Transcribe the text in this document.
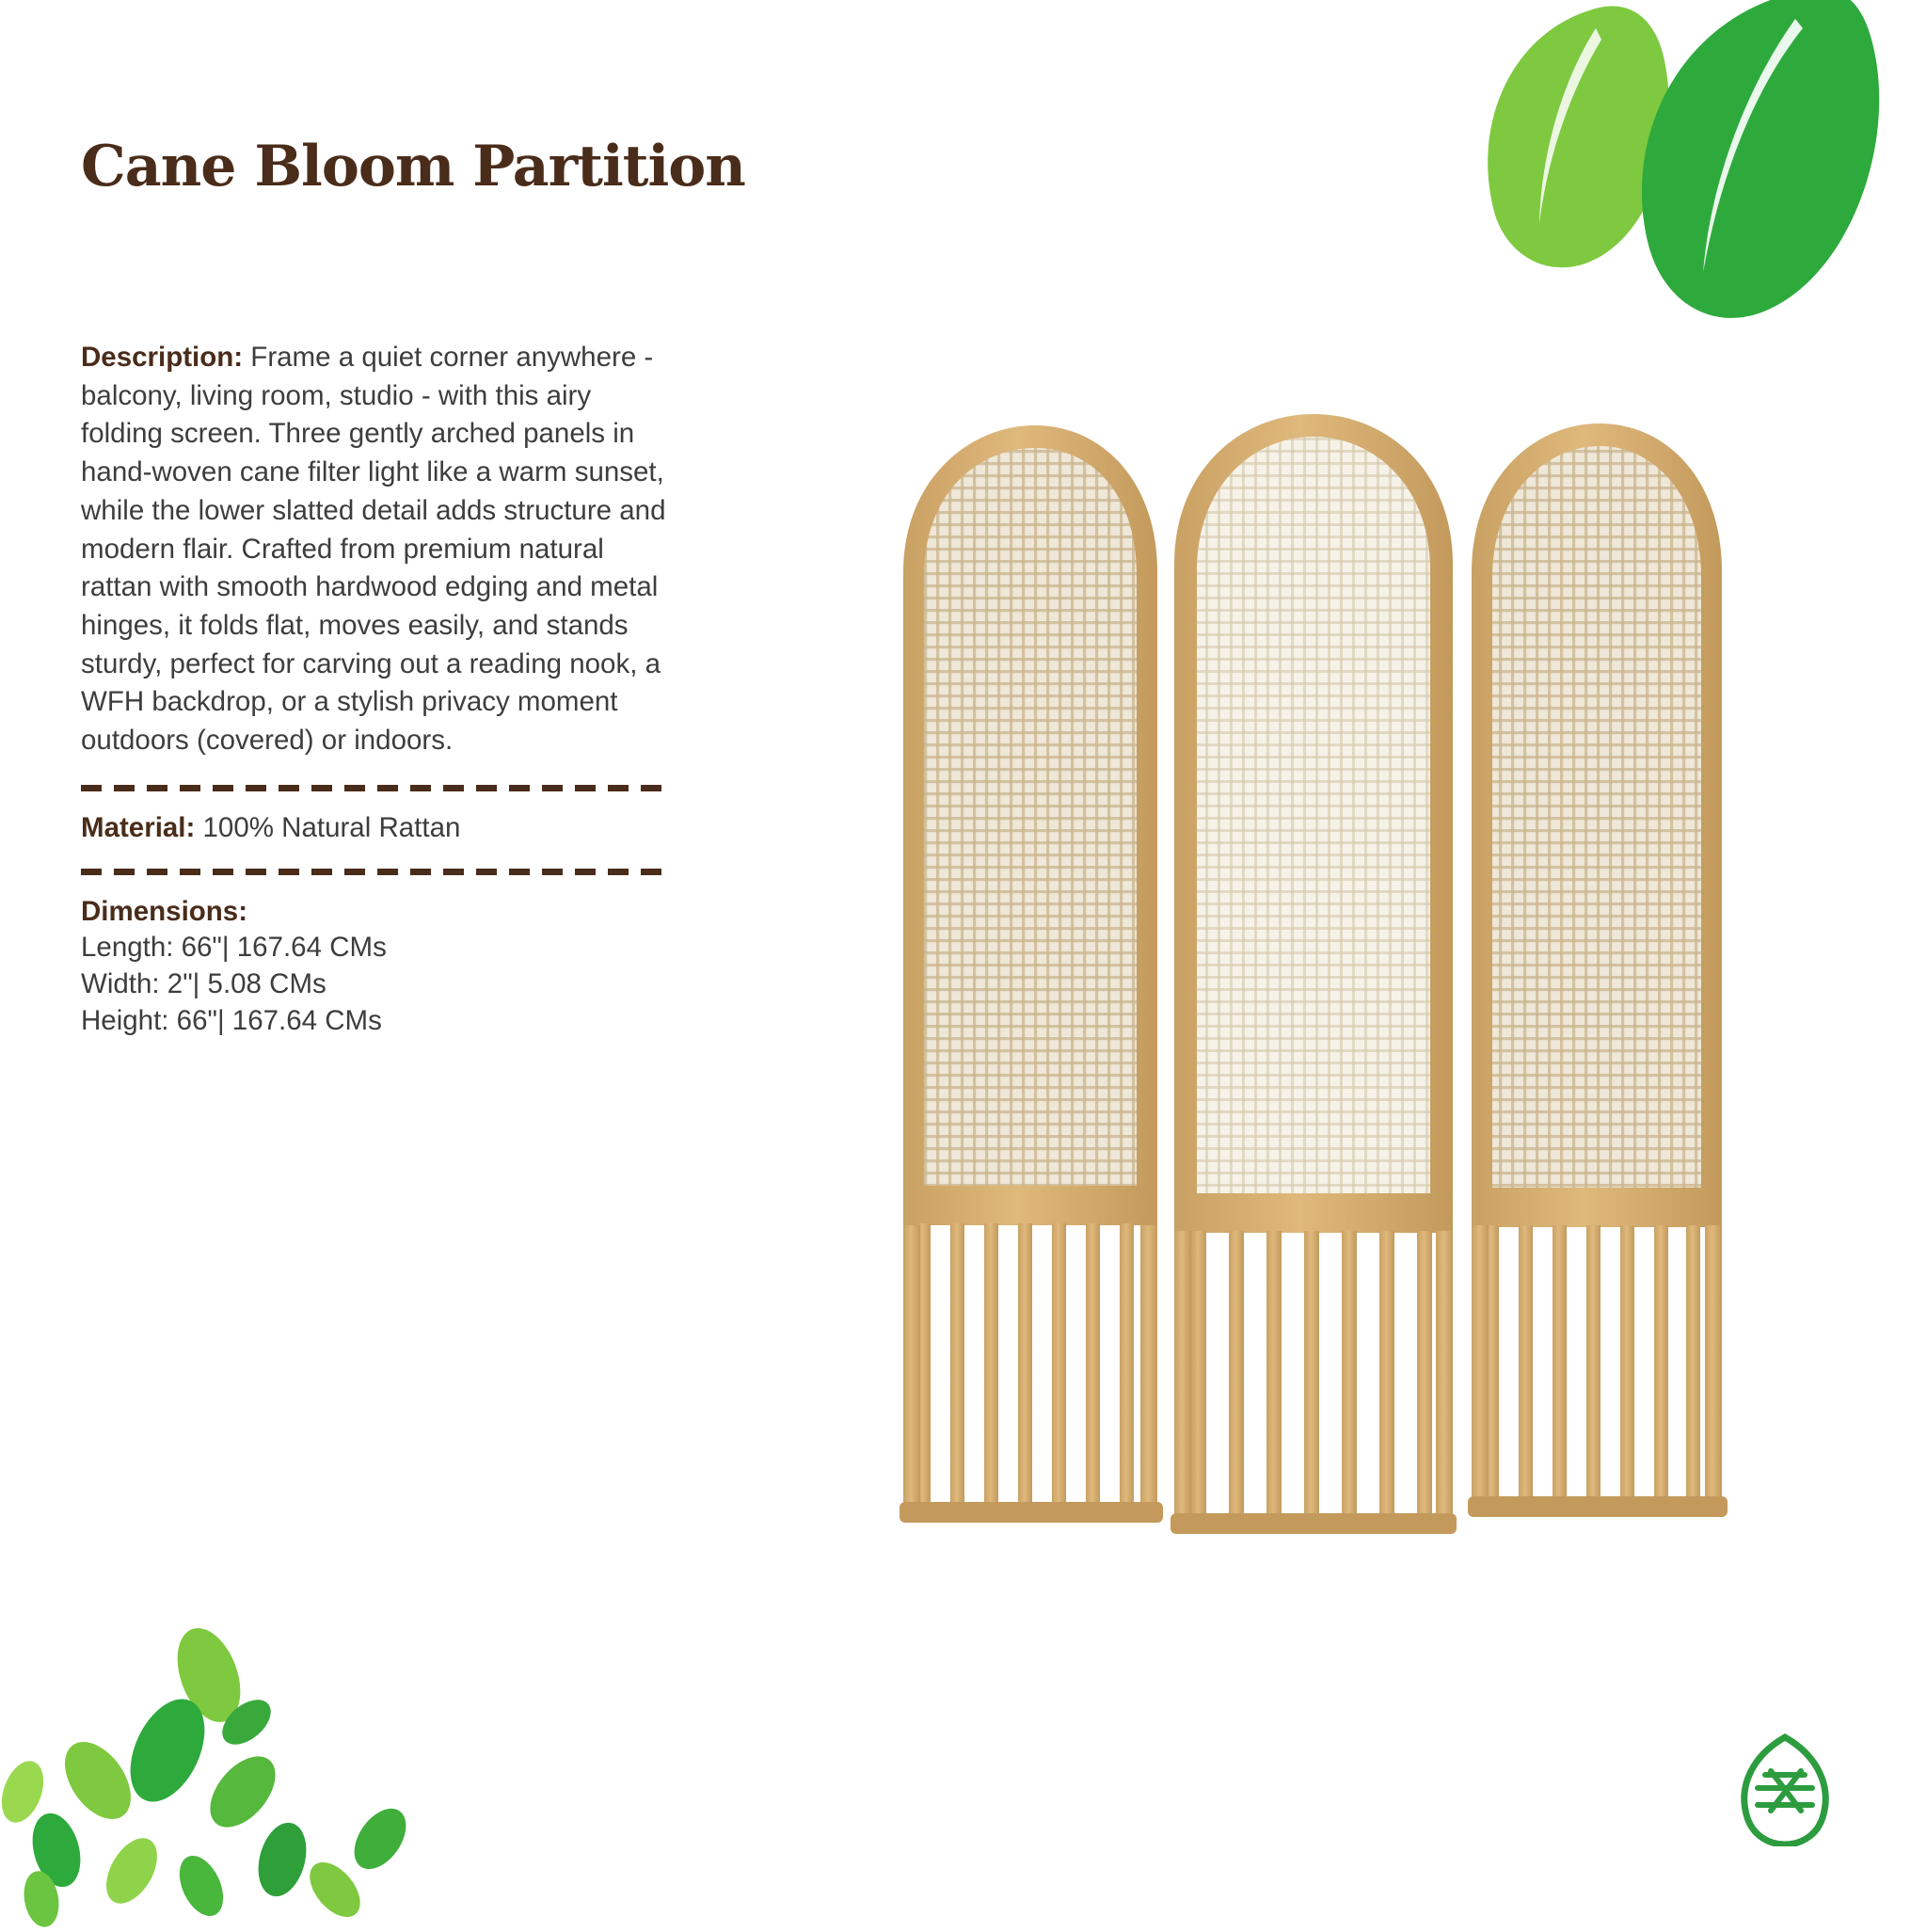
Cane Bloom Partition

Description: Frame a quiet corner anywhere - balcony, living room, studio - with this airy folding screen. Three gently arched panels in hand-woven cane filter light like a warm sunset, while the lower slatted detail adds structure and modern flair. Crafted from premium natural rattan with smooth hardwood edging and metal hinges, it folds flat, moves easily, and stands sturdy, perfect for carving out a reading nook, a WFH backdrop, or a stylish privacy moment outdoors (covered) or indoors.

Material: 100% Natural Rattan

Dimensions:

Length: 66"| 167.64 CMs

Width: 2"| 5.08 CMs

Height: 66"| 167.64 CMs
